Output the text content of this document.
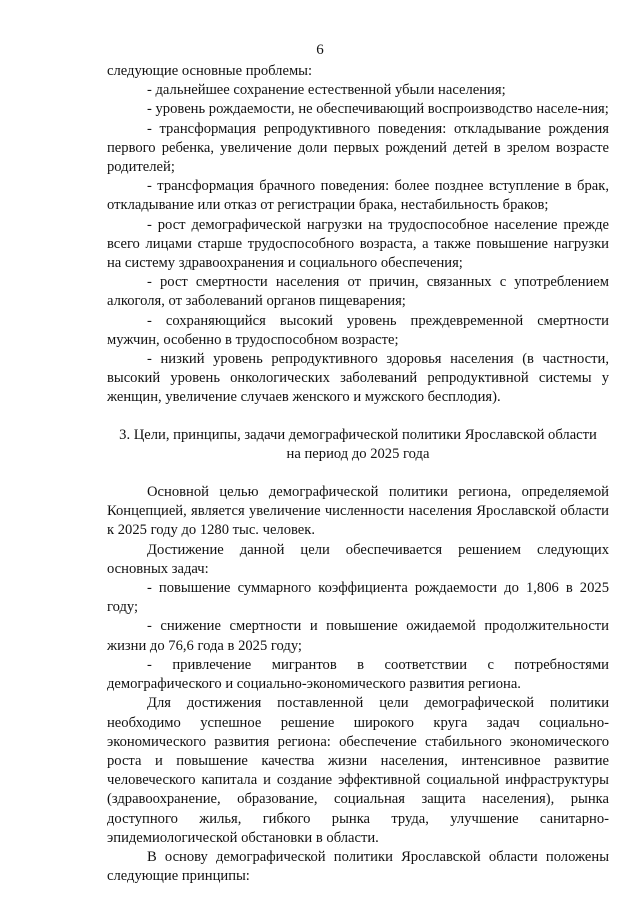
6

следующие основные проблемы:

- дальнейшее сохранение естественной убыли населения;

- уровень рождаемости, не обеспечивающий воспроизводство населе-ния;

- трансформация репродуктивного поведения: откладывание рождения первого ребенка, увеличение доли первых рождений детей в зрелом возрасте родителей;

- трансформация брачного поведения: более позднее вступление в брак, откладывание или отказ от регистрации брака, нестабильность браков;

- рост демографической нагрузки на трудоспособное население прежде всего лицами старше трудоспособного возраста, а также повышение нагрузки на систему здравоохранения и социального обеспечения;

- рост смертности населения от причин, связанных с употреблением алкоголя, от заболеваний органов пищеварения;

- сохраняющийся высокий уровень преждевременной смертности мужчин, особенно в трудоспособном возрасте;

- низкий уровень репродуктивного здоровья населения (в частности, высокий уровень онкологических заболеваний репродуктивной системы у женщин, увеличение случаев женского и мужского бесплодия).

3. Цели, принципы, задачи демографической политики Ярославской области
на период до 2025 года

Основной целью демографической политики региона, определяемой Концепцией, является увеличение численности населения Ярославской области к 2025 году до 1280 тыс. человек.

Достижение данной цели обеспечивается решением следующих основных задач:

- повышение суммарного коэффициента рождаемости до 1,806 в 2025 году;

- снижение смертности и повышение ожидаемой продолжительности жизни до 76,6 года в 2025 году;

- привлечение мигрантов в соответствии с потребностями демографического и социально-экономического развития региона.

Для достижения поставленной цели демографической политики необходимо успешное решение широкого круга задач социально-экономического развития региона: обеспечение стабильного экономического роста и повышение качества жизни населения, интенсивное развитие человеческого капитала и создание эффективной социальной инфраструктуры (здравоохранение, образование, социальная защита населения), рынка доступного жилья, гибкого рынка труда, улучшение санитарно-эпидемиологической обстановки в области.

В основу демографической политики Ярославской области положены следующие принципы:
